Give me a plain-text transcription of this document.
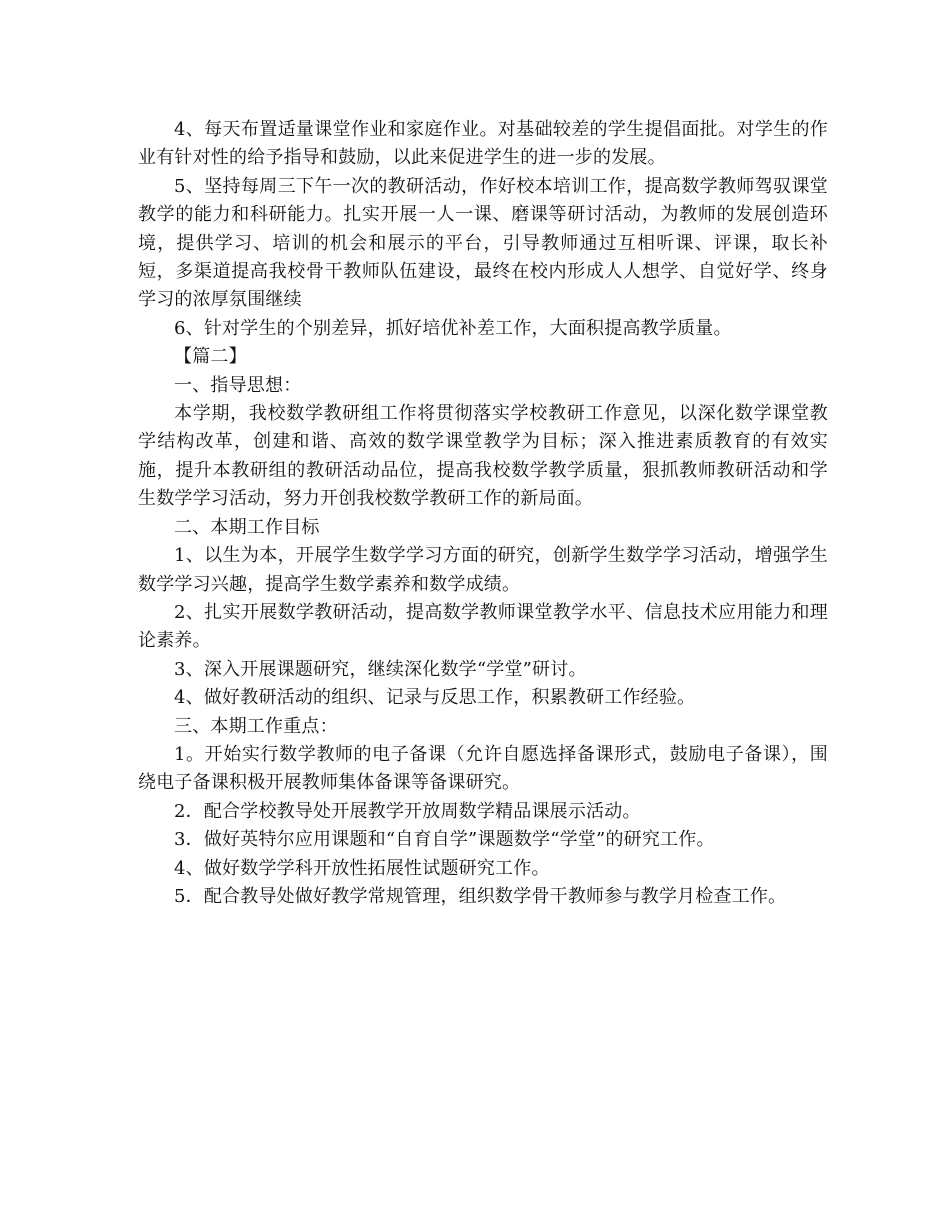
4、每天布置适量课堂作业和家庭作业。对基础较差的学生提倡面批。对学生的作业有针对性的给予指导和鼓励，以此来促进学生的进一步的发展。

5、坚持每周三下午一次的教研活动，作好校本培训工作，提高数学教师驾驭课堂教学的能力和科研能力。扎实开展一人一课、磨课等研讨活动，为教师的发展创造环境，提供学习、培训的机会和展示的平台，引导教师通过互相听课、评课，取长补短，多渠道提高我校骨干教师队伍建设，最终在校内形成人人想学、自觉好学、终身学习的浓厚氛围继续

6、针对学生的个别差异，抓好培优补差工作，大面积提高教学质量。

【篇二】

一、指导思想：

本学期，我校数学教研组工作将贯彻落实学校教研工作意见，以深化数学课堂教学结构改革，创建和谐、高效的数学课堂教学为目标；深入推进素质教育的有效实施，提升本教研组的教研活动品位，提高我校数学教学质量，狠抓教师教研活动和学生数学学习活动，努力开创我校数学教研工作的新局面。

二、本期工作目标

1、以生为本，开展学生数学学习方面的研究，创新学生数学学习活动，增强学生数学学习兴趣，提高学生数学素养和数学成绩。

2、扎实开展数学教研活动，提高数学教师课堂教学水平、信息技术应用能力和理论素养。

3、深入开展课题研究，继续深化数学“学堂”研讨。

4、做好教研活动的组织、记录与反思工作，积累教研工作经验。

三、本期工作重点：

1。开始实行数学教师的电子备课（允许自愿选择备课形式，鼓励电子备课），围绕电子备课积极开展教师集体备课等备课研究。

2．配合学校教导处开展教学开放周数学精品课展示活动。

3．做好英特尔应用课题和“自育自学”课题数学“学堂”的研究工作。

4、做好数学学科开放性拓展性试题研究工作。

5．配合教导处做好教学常规管理，组织数学骨干教师参与教学月检查工作。
